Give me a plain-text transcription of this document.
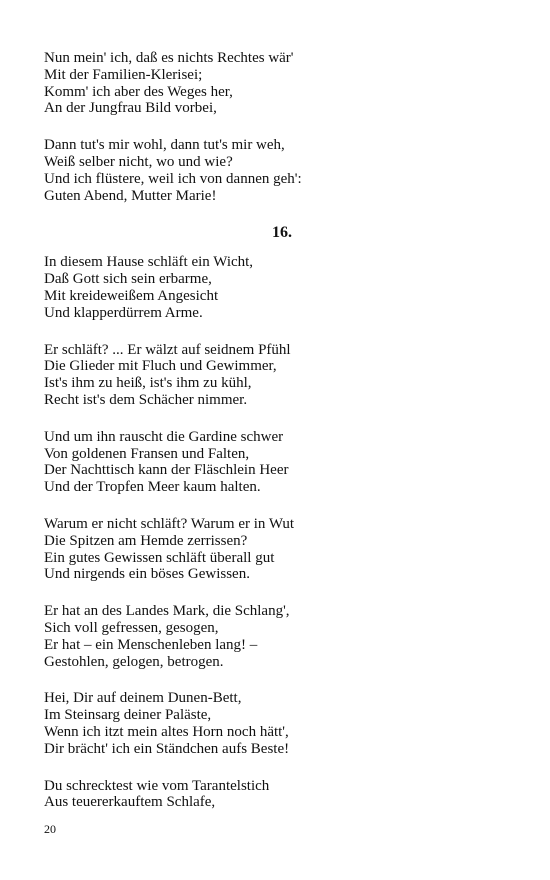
Nun mein' ich, daß es nichts Rechtes wär'
Mit der Familien-Klerisei;
Komm' ich aber des Weges her,
An der Jungfrau Bild vorbei,
Dann tut's mir wohl, dann tut's mir weh,
Weiß selber nicht, wo und wie?
Und ich flüstere, weil ich von dannen geh':
Guten Abend, Mutter Marie!
16.
In diesem Hause schläft ein Wicht,
Daß Gott sich sein erbarme,
Mit kreideweißem Angesicht
Und klapperdürrem Arme.
Er schläft? ... Er wälzt auf seidnem Pfühl
Die Glieder mit Fluch und Gewimmer,
Ist's ihm zu heiß, ist's ihm zu kühl,
Recht ist's dem Schächer nimmer.
Und um ihn rauscht die Gardine schwer
Von goldenen Fransen und Falten,
Der Nachttisch kann der Fläschlein Heer
Und der Tropfen Meer kaum halten.
Warum er nicht schläft? Warum er in Wut
Die Spitzen am Hemde zerrissen?
Ein gutes Gewissen schläft überall gut
Und nirgends ein böses Gewissen.
Er hat an des Landes Mark, die Schlang',
Sich voll gefressen, gesogen,
Er hat – ein Menschenleben lang! –
Gestohlen, gelogen, betrogen.
Hei, Dir auf deinem Dunen-Bett,
Im Steinsarg deiner Paläste,
Wenn ich itzt mein altes Horn noch hätt',
Dir brächt' ich ein Ständchen aufs Beste!
Du schrecktest wie vom Tarantelstich
Aus teuererkauftem Schlafe,
20
